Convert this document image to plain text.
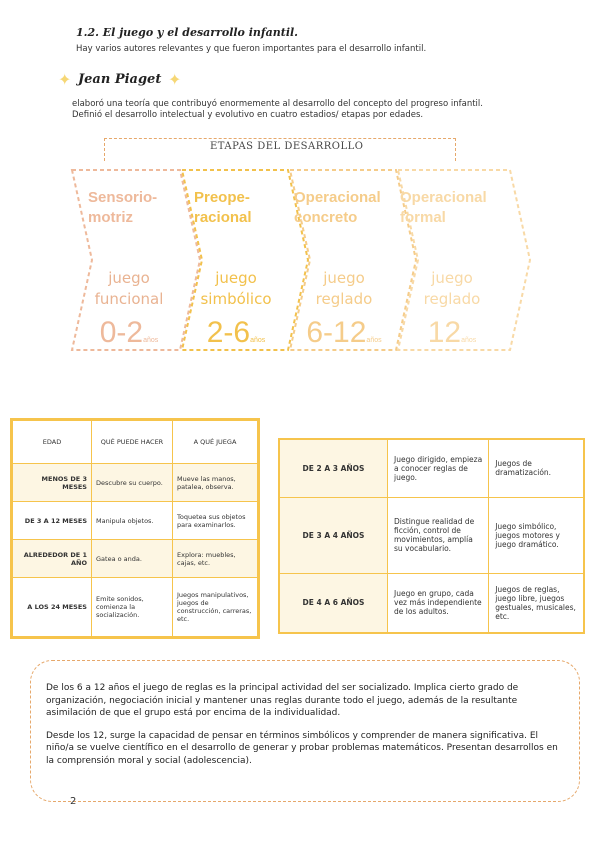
1.2. El juego y el desarrollo infantil.
Hay varios autores relevantes y que fueron importantes para el desarrollo infantil.
✦ Jean Piaget ✦
elaboró una teoría que contribuyó enormemente al desarrollo del concepto del progreso infantil. Definió el desarrollo intelectual y evolutivo en cuatro estadios/ etapas por edades.
ETAPAS DEL DESARROLLO
Sensorio-
motriz
juego
funcional
0-2años
Preope-
racional
juego
simbólico
2-6años
Operacional
concreto
juego
reglado
6-12años
Operacional
formal
juego
reglado
12años
EDAD	QUÉ PUEDE HACER	A QUÉ JUEGA
MENOS DE 3 MESES	Descubre su cuerpo.	Mueve las manos, patalea, observa.
DE 3 A 12 MESES	Manipula objetos.	Toquetea sus objetos para examinarlos.
ALREDEDOR DE 1 AÑO	Gatea o anda.	Explora: muebles, cajas, etc.
A LOS 24 MESES	Emite sonidos, comienza la socialización.	Juegos manipulativos, juegos de construcción, carreras, etc.
DE 2 A 3 AÑOS	Juego dirigido, empieza a conocer reglas de juego.	Juegos de dramatización.
DE 3 A 4 AÑOS	Distingue realidad de ficción, control de movimientos, amplía su vocabulario.	Juego simbólico, juegos motores y juego dramático.
DE 4 A 6 AÑOS	Juego en grupo, cada vez más independiente de los adultos.	Juegos de reglas, juego libre, juegos gestuales, musicales, etc.

De los 6 a 12 años el juego de reglas es la principal actividad del ser socializado. Implica cierto grado de organización, negociación inicial y mantener unas reglas durante todo el juego, además de la resultante asimilación de que el grupo está por encima de la individualidad.

Desde los 12, surge la capacidad de pensar en términos simbólicos y comprender de manera significativa. El niño/a se vuelve científico en el desarrollo de generar y probar problemas matemáticos. Presentan desarrollos en la comprensión moral y social (adolescencia).

2
